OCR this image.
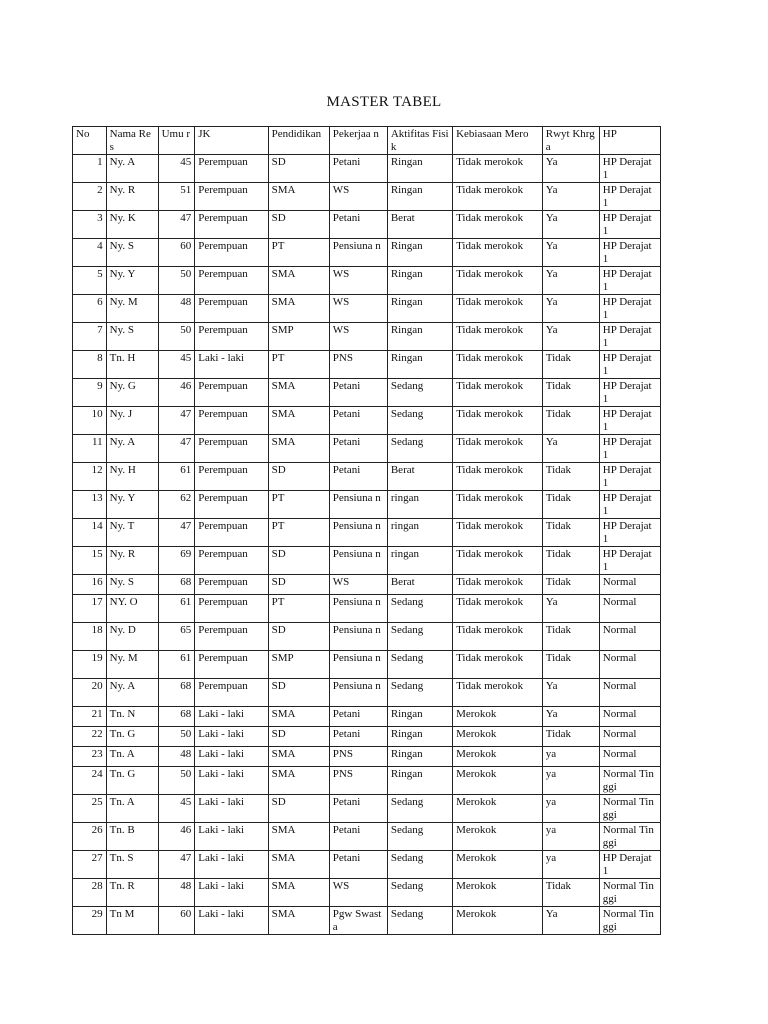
MASTER TABEL
No	Nama Res	Umu r	JK	Pendidikan	Pekerjaa n	Aktifitas Fisik	Kebiasaan Mero	Rwyt Khrga	HP
1	Ny. A	45	Perempuan	SD	Petani	Ringan	Tidak merokok	Ya	HP Derajat 1
2	Ny. R	51	Perempuan	SMA	WS	Ringan	Tidak merokok	Ya	HP Derajat 1
3	Ny. K	47	Perempuan	SD	Petani	Berat	Tidak merokok	Ya	HP Derajat 1
4	Ny. S	60	Perempuan	PT	Pensiuna n	Ringan	Tidak merokok	Ya	HP Derajat 1
5	Ny. Y	50	Perempuan	SMA	WS	Ringan	Tidak merokok	Ya	HP Derajat 1
6	Ny. M	48	Perempuan	SMA	WS	Ringan	Tidak merokok	Ya	HP Derajat 1
7	Ny. S	50	Perempuan	SMP	WS	Ringan	Tidak merokok	Ya	HP Derajat 1
8	Tn. H	45	Laki - laki	PT	PNS	Ringan	Tidak merokok	Tidak	HP Derajat 1
9	Ny. G	46	Perempuan	SMA	Petani	Sedang	Tidak merokok	Tidak	HP Derajat 1
10	Ny. J	47	Perempuan	SMA	Petani	Sedang	Tidak merokok	Tidak	HP Derajat 1
11	Ny. A	47	Perempuan	SMA	Petani	Sedang	Tidak merokok	Ya	HP Derajat 1
12	Ny. H	61	Perempuan	SD	Petani	Berat	Tidak merokok	Tidak	HP Derajat 1
13	Ny. Y	62	Perempuan	PT	Pensiuna n	ringan	Tidak merokok	Tidak	HP Derajat 1
14	Ny. T	47	Perempuan	PT	Pensiuna n	ringan	Tidak merokok	Tidak	HP Derajat 1
15	Ny. R	69	Perempuan	SD	Pensiuna n	ringan	Tidak merokok	Tidak	HP Derajat 1
16	Ny. S	68	Perempuan	SD	WS	Berat	Tidak merokok	Tidak	Normal
17	NY. O	61	Perempuan	PT	Pensiuna n	Sedang	Tidak merokok	Ya	Normal
18	Ny. D	65	Perempuan	SD	Pensiuna n	Sedang	Tidak merokok	Tidak	Normal
19	Ny. M	61	Perempuan	SMP	Pensiuna n	Sedang	Tidak merokok	Tidak	Normal
20	Ny. A	68	Perempuan	SD	Pensiuna n	Sedang	Tidak merokok	Ya	Normal
21	Tn. N	68	Laki - laki	SMA	Petani	Ringan	Merokok	Ya	Normal
22	Tn. G	50	Laki - laki	SD	Petani	Ringan	Merokok	Tidak	Normal
23	Tn. A	48	Laki - laki	SMA	PNS	Ringan	Merokok	ya	Normal
24	Tn. G	50	Laki - laki	SMA	PNS	Ringan	Merokok	ya	Normal Tinggi
25	Tn. A	45	Laki - laki	SD	Petani	Sedang	Merokok	ya	Normal Tinggi
26	Tn. B	46	Laki - laki	SMA	Petani	Sedang	Merokok	ya	Normal Tinggi
27	Tn. S	47	Laki - laki	SMA	Petani	Sedang	Merokok	ya	HP Derajat 1
28	Tn. R	48	Laki - laki	SMA	WS	Sedang	Merokok	Tidak	Normal Tinggi
29	Tn M	60	Laki - laki	SMA	Pgw Swasta	Sedang	Merokok	Ya	Normal Tinggi
